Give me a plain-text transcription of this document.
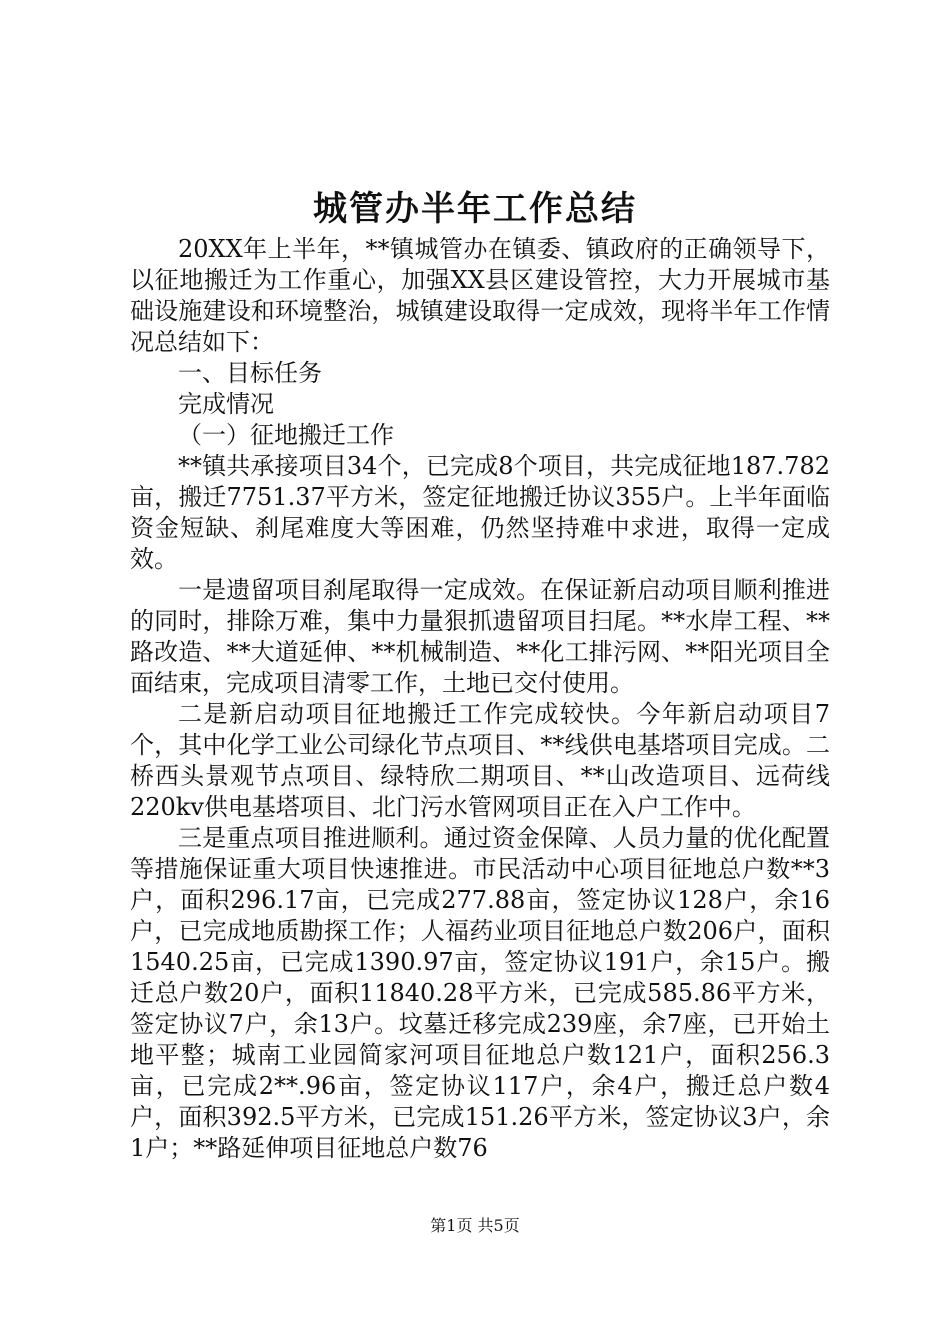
城管办半年工作总结

20XX年上半年，**镇城管办在镇委、镇政府的正确领导下，以征地搬迁为工作重心，加强XX县区建设管控，大力开展城市基础设施建设和环境整治，城镇建设取得一定成效，现将半年工作情况总结如下：

一、目标任务

完成情况

（一）征地搬迁工作

**镇共承接项目34个，已完成8个项目，共完成征地187.782亩，搬迁7751.37平方米，签定征地搬迁协议355户。上半年面临资金短缺、刹尾难度大等困难，仍然坚持难中求进，取得一定成效。

一是遗留项目刹尾取得一定成效。在保证新启动项目顺利推进的同时，排除万难，集中力量狠抓遗留项目扫尾。**水岸工程、**路改造、**大道延伸、**机械制造、**化工排污网、**阳光项目全面结束，完成项目清零工作，土地已交付使用。

二是新启动项目征地搬迁工作完成较快。今年新启动项目7个，其中化学工业公司绿化节点项目、**线供电基塔项目完成。二桥西头景观节点项目、绿特欣二期项目、**山改造项目、远荷线220kv供电基塔项目、北门污水管网项目正在入户工作中。

三是重点项目推进顺利。通过资金保障、人员力量的优化配置等措施保证重大项目快速推进。市民活动中心项目征地总户数**3户，面积296.17亩，已完成277.88亩，签定协议128户，余16户，已完成地质勘探工作；人福药业项目征地总户数206户，面积1540.25亩，已完成1390.97亩，签定协议191户，余15户。搬迁总户数20户，面积11840.28平方米，已完成585.86平方米，签定协议7户，余13户。坟墓迁移完成239座，余7座，已开始土地平整；城南工业园简家河项目征地总户数121户，面积256.3亩，已完成2**.96亩，签定协议117户，余4户，搬迁总户数4户，面积392.5平方米，已完成151.26平方米，签定协议3户，余1户；**路延伸项目征地总户数76

第1页 共5页
